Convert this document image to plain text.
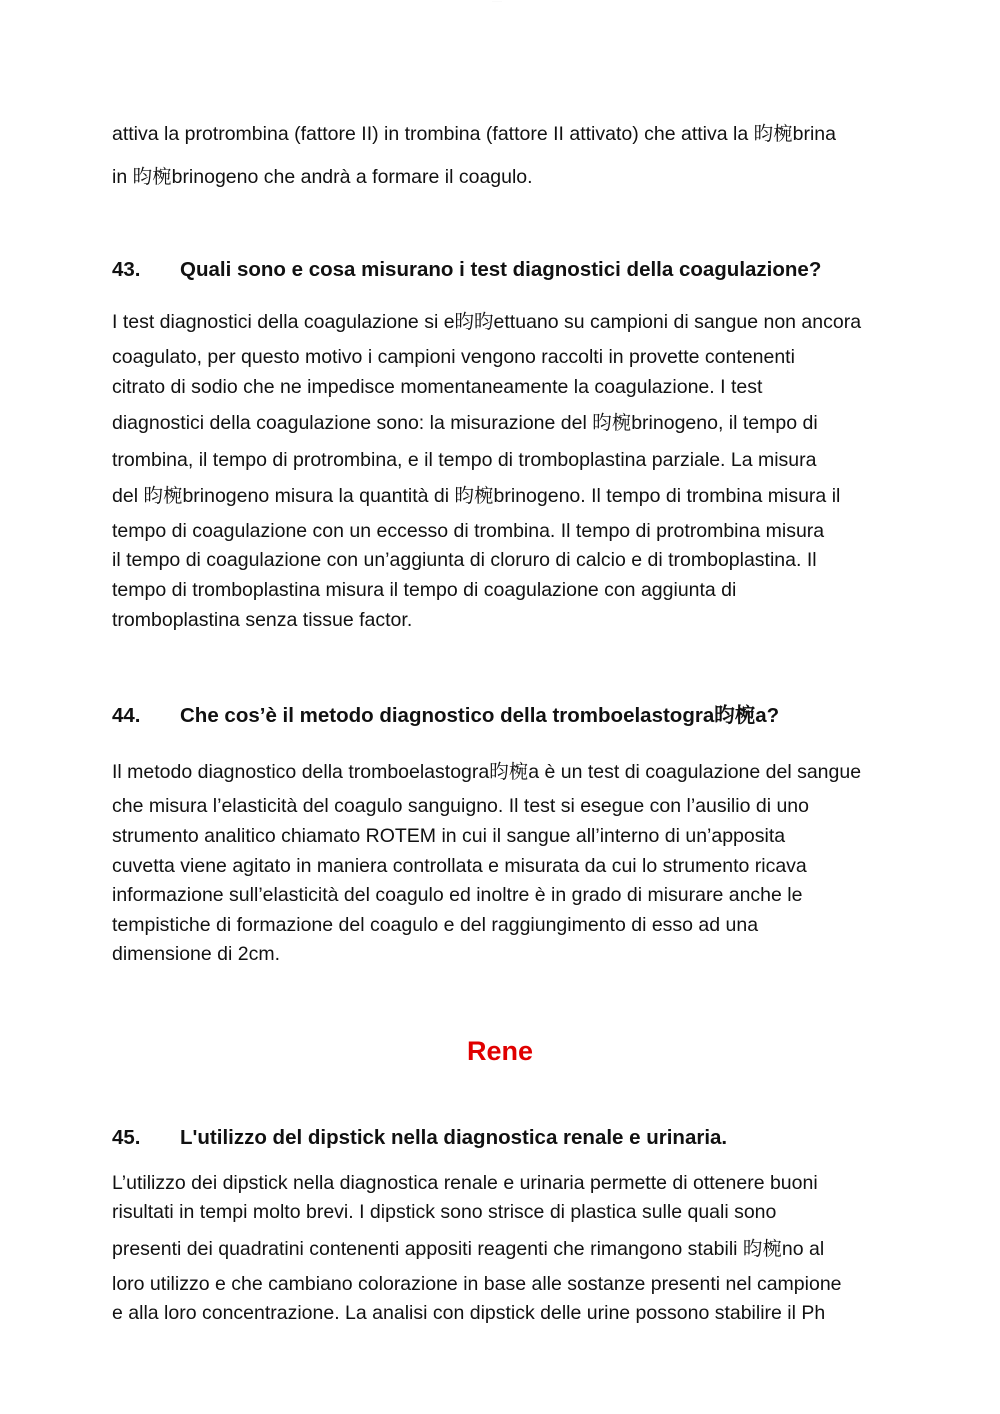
··········
attiva la protrombina (fattore II) in trombina (fattore II attivato) che attiva la 昀椀brina
in 昀椀brinogeno che andrà a formare il coagulo.
43. Quali sono e cosa misurano i test diagnostici della coagulazione?
I test diagnostici della coagulazione si e昀昀ettuano su campioni di sangue non ancora
coagulato, per questo motivo i campioni vengono raccolti in provette contenenti
citrato di sodio che ne impedisce momentaneamente la coagulazione. I test
diagnostici della coagulazione sono: la misurazione del 昀椀brinogeno, il tempo di
trombina, il tempo di protrombina, e il tempo di tromboplastina parziale. La misura
del 昀椀brinogeno misura la quantità di 昀椀brinogeno. Il tempo di trombina misura il
tempo di coagulazione con un eccesso di trombina. Il tempo di protrombina misura
il tempo di coagulazione con un’aggiunta di cloruro di calcio e di tromboplastina. Il
tempo di tromboplastina misura il tempo di coagulazione con aggiunta di
tromboplastina senza tissue factor.
44. Che cos’è il metodo diagnostico della tromboelastogra昀椀a?
Il metodo diagnostico della tromboelastogra昀椀a è un test di coagulazione del sangue
che misura l’elasticità del coagulo sanguigno. Il test si esegue con l’ausilio di uno
strumento analitico chiamato ROTEM in cui il sangue all’interno di un’apposita
cuvetta viene agitato in maniera controllata e misurata da cui lo strumento ricava
informazione sull’elasticità del coagulo ed inoltre è in grado di misurare anche le
tempistiche di formazione del coagulo e del raggiungimento di esso ad una
dimensione di 2cm.
Rene
45. L'utilizzo del dipstick nella diagnostica renale e urinaria.
L’utilizzo dei dipstick nella diagnostica renale e urinaria permette di ottenere buoni
risultati in tempi molto brevi. I dipstick sono strisce di plastica sulle quali sono
presenti dei quadratini contenenti appositi reagenti che rimangono stabili 昀椀no al
loro utilizzo e che cambiano colorazione in base alle sostanze presenti nel campione
e alla loro concentrazione. La analisi con dipstick delle urine possono stabilire il Ph
